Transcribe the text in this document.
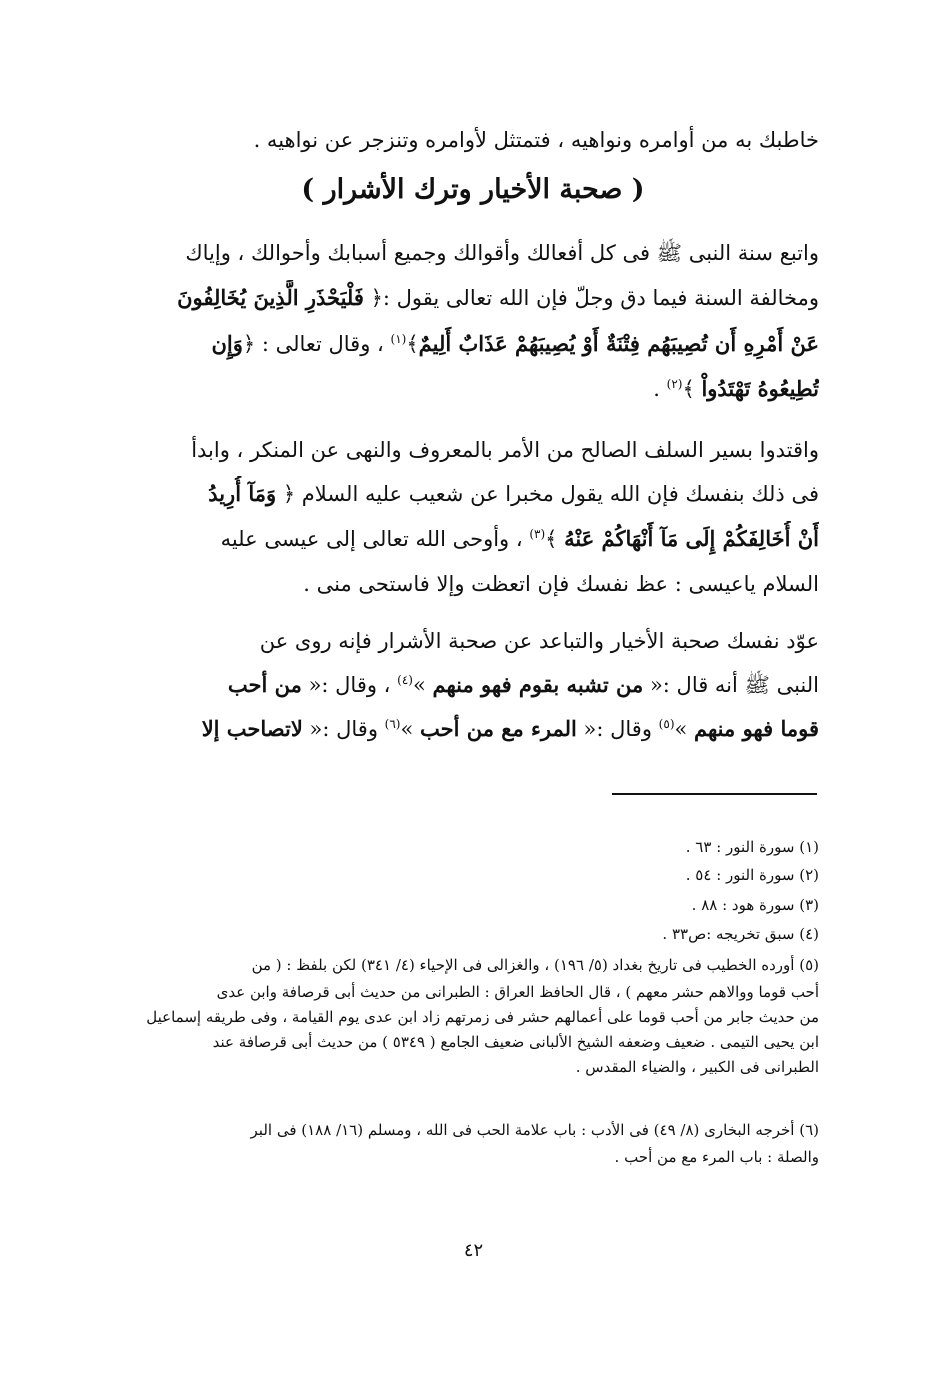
خاطبك به من أوامره ونواهيه ، فتمتثل لأوامره وتنزجر عن نواهيه .
( صحبة الأخيار وترك الأشرار )
واتبع سنة النبى ﷺ فى كل أفعالك وأقوالك وجميع أسبابك وأحوالك ، وإياك
ومخالفة السنة فيما دق وجلّ فإن الله تعالى يقول :﴿ فَلْيَحْذَرِ الَّذِينَ يُخَالِفُونَ
عَنْ أَمْرِهِ أَن تُصِيبَهُم فِتْنَةٌ أَوْ يُصِيبَهُمْ عَذَابٌ أَلِيمٌ﴾$^{(١)}$ ، وقال تعالى : ﴿وَإِن
تُطِيعُوهُ تَهْتَدُواْ ﴾$^{(٢)}$ .
واقتدوا بسير السلف الصالح من الأمر بالمعروف والنهى عن المنكر ، وابدأ
فى ذلك بنفسك فإن الله يقول مخبرا عن شعيب عليه السلام ﴿ وَمَآ أُرِيدُ
أَنْ أُخَالِفَكُمْ إِلَى مَآ أَنْهَاكُمْ عَنْهُ ﴾$^{(٣)}$ ، وأوحى الله تعالى إلى عيسى عليه
السلام ياعيسى : عظ نفسك فإن اتعظت وإلا فاستحى منى .
عوّد نفسك صحبة الأخيار والتباعد عن صحبة الأشرار فإنه روى عن
النبى ﷺ أنه قال :« من تشبه بقوم فهو منهم »$^{(٤)}$ ، وقال :« من أحب
قوما فهو منهم »$^{(٥)}$ وقال :« المرء مع من أحب »$^{(٦)}$ وقال :« لاتصاحب إلا
(١) سورة النور : ٦٣ .
(٢) سورة النور : ٥٤ .
(٣) سورة هود : ٨٨ .
(٤) سبق تخريجه :ص٣٣ .
(٥) أورده الخطيب فى تاريخ بغداد (٥/ ١٩٦) ، والغزالى فى الإحياء (٤/ ٣٤١) لكن بلفظ : ( من
أحب قوما ووالاهم حشر معهم ) ، قال الحافظ العراق : الطبرانى من حديث أبى قرصافة وابن عدى
من حديث جابر من أحب قوما على أعمالهم حشر فى زمرتهم زاد ابن عدى يوم القيامة ، وفى طريقه إسماعيل
ابن يحيى التيمى . ضعيف وضعفه الشيخ الألبانى ضعيف الجامع ( ٥٣٤٩ ) من حديث أبى قرصافة عند
الطبرانى فى الكبير ، والضياء المقدس .
(٦) أخرجه البخارى (٨/ ٤٩) فى الأدب : باب علامة الحب فى الله ، ومسلم (١٦/ ١٨٨) فى البر
والصلة : باب المرء مع من أحب .
٤٢
